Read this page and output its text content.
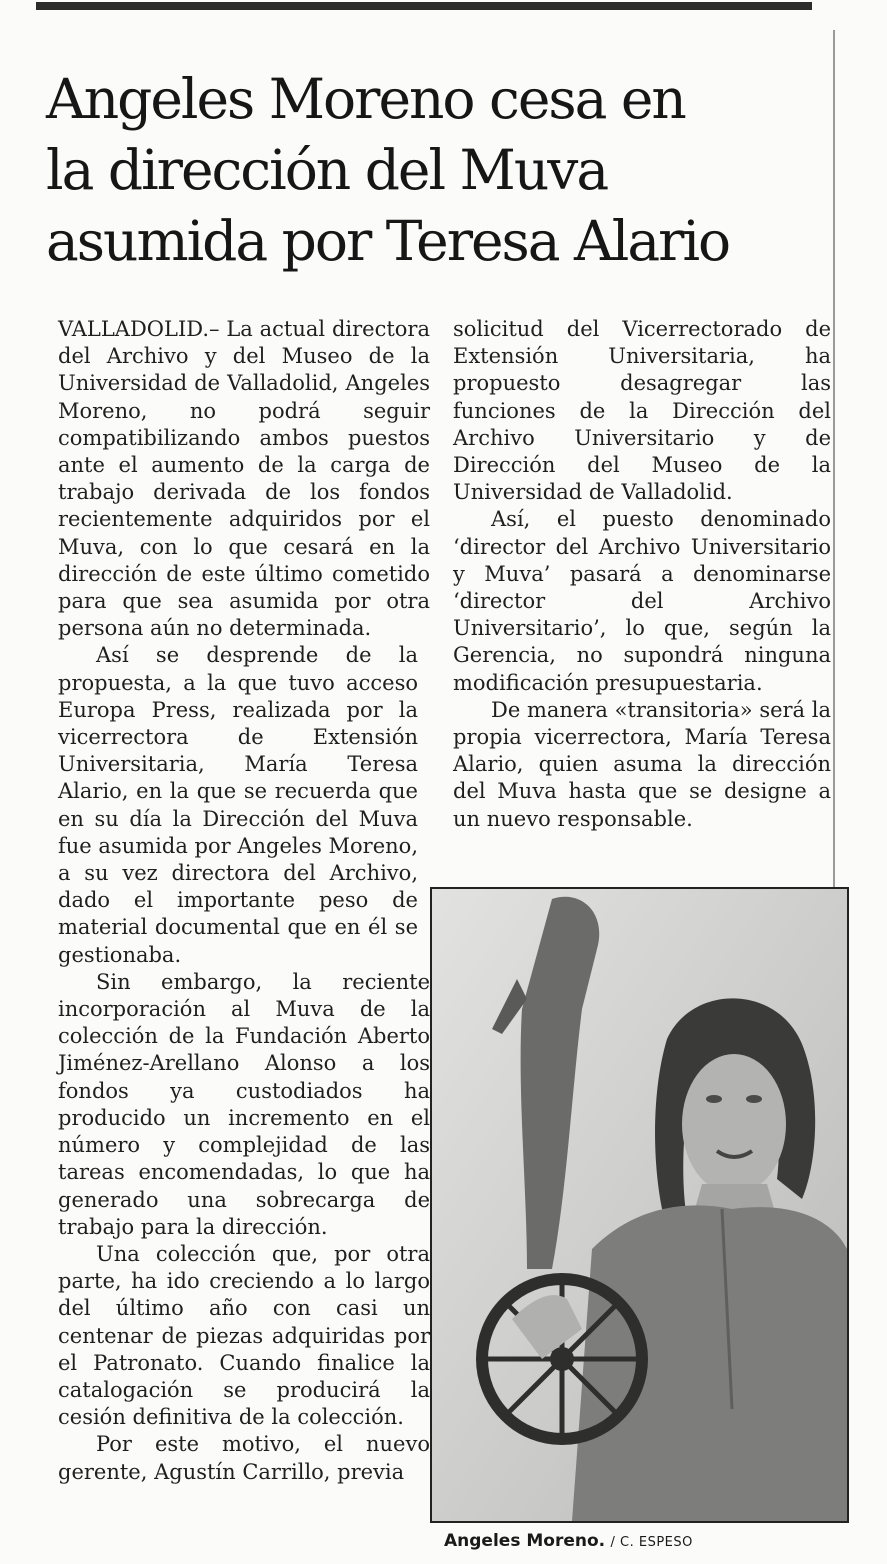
Angeles Moreno cesa en
la dirección del Muva
asumida por Teresa Alario

VALLADOLID.– La actual directora del Archivo y del Museo de la Universidad de Valladolid, Angeles Moreno, no podrá seguir compatibilizando ambos puestos ante el aumento de la carga de trabajo derivada de los fondos recientemente adquiridos por el Muva, con lo que cesará en la dirección de este último cometido para que sea asumida por otra persona aún no determinada.

Así se desprende de la propuesta, a la que tuvo acceso Europa Press, realizada por la vicerrectora de Extensión Universitaria, María Teresa Alario, en la que se recuerda que en su día la Dirección del Muva fue asumida por Angeles Moreno, a su vez directora del Archivo, dado el importante peso de material documental que en él se gestionaba.

Sin embargo, la reciente incorporación al Muva de la colección de la Fundación Aberto Jiménez-Arellano Alonso a los fondos ya custodiados ha producido un incremento en el número y complejidad de las tareas encomendadas, lo que ha generado una sobrecarga de trabajo para la dirección.

Una colección que, por otra parte, ha ido creciendo a lo largo del último año con casi un centenar de piezas adquiridas por el Patronato. Cuando finalice la catalogación se producirá la cesión definitiva de la colección.

Por este motivo, el nuevo gerente, Agustín Carrillo, previa

solicitud del Vicerrectorado de Extensión Universitaria, ha propuesto desagregar las funciones de la Dirección del Archivo Universitario y de Dirección del Museo de la Universidad de Valladolid.

Así, el puesto denominado ‘director del Archivo Universitario y Muva’ pasará a denominarse ‘director del Archivo Universitario’, lo que, según la Gerencia, no supondrá ninguna modificación presupuestaria.

De manera «transitoria» será la propia vicerrectora, María Teresa Alario, quien asuma la dirección del Muva hasta que se designe a un nuevo responsable.

Angeles Moreno. / C. ESPESO
